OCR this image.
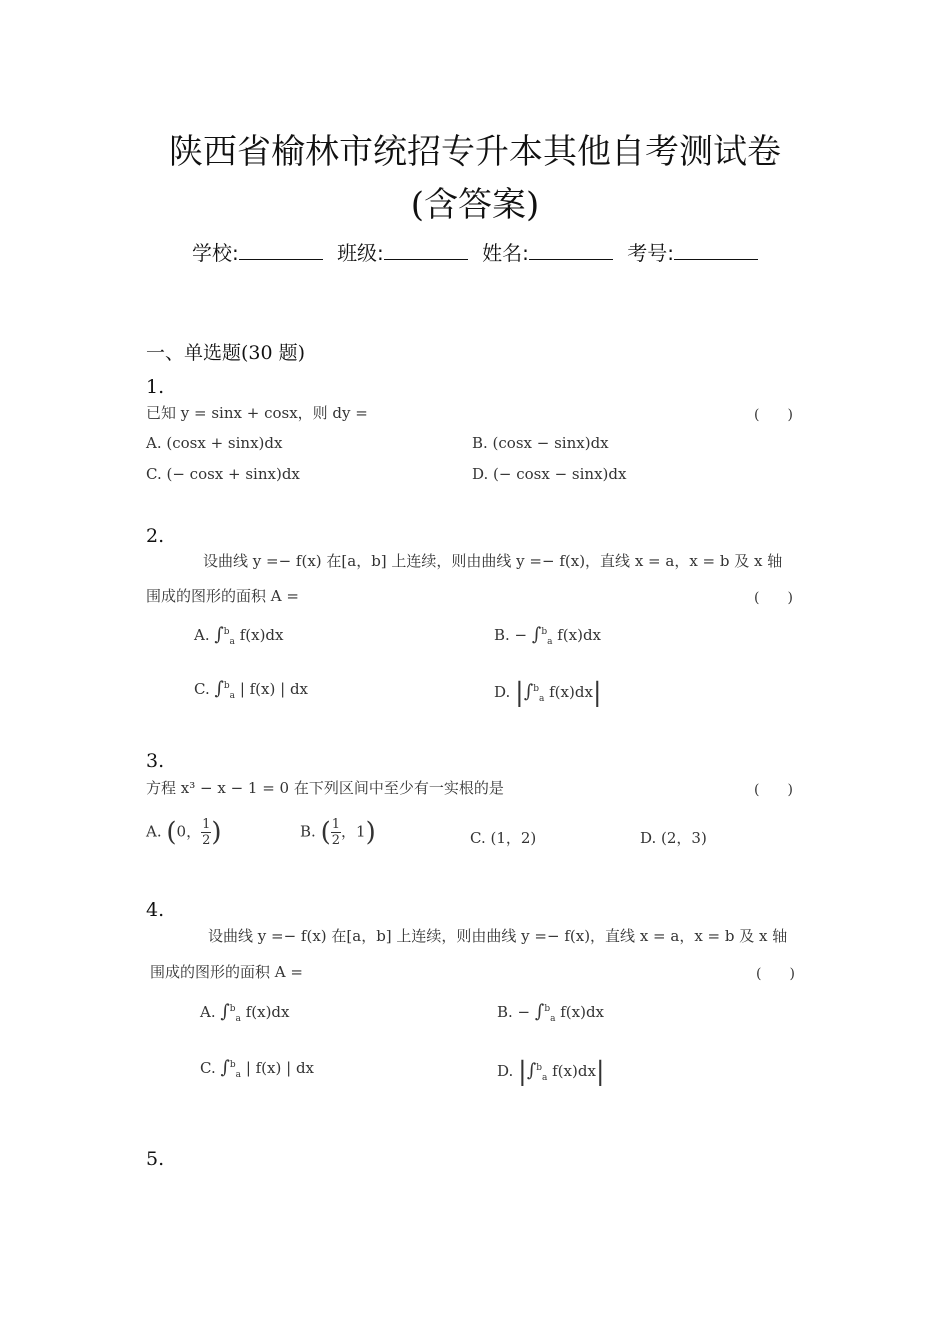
陕西省榆林市统招专升本其他自考测试卷
(含答案)
学校:	班级:	姓名:	考号:
一、单选题(30 题)
1.
已知 y = sinx + cosx，则 dy =	(　　)
A. (cosx + sinx)dx	B. (cosx − sinx)dx
C. (− cosx + sinx)dx	D. (− cosx − sinx)dx
2.
设曲线 y =− f(x) 在[a，b] 上连续，则由曲线 y =− f(x)，直线 x = a，x = b 及 x 轴
围成的图形的面积 A =	(　　)
A. ∫$^b_a$ f(x)dx	B. − ∫$^b_a$ f(x)dx
C. ∫$^b_a$ | f(x) | dx	D. |∫$^b_a$ f(x)dx|
3.
方程 x³ − x − 1 = 0 在下列区间中至少有一实根的是	(　　)
A. (0， $\frac{1}{2}$ )	B. ( $\frac{1}{2}$ ，1)	C. (1，2)	D. (2，3)
4.
设曲线 y =− f(x) 在[a，b] 上连续，则由曲线 y =− f(x)，直线 x = a，x = b 及 x 轴
围成的图形的面积 A =	(　　)
A. ∫$^b_a$ f(x)dx	B. − ∫$^b_a$ f(x)dx
C. ∫$^b_a$ | f(x) | dx	D. |∫$^b_a$ f(x)dx|
5.
